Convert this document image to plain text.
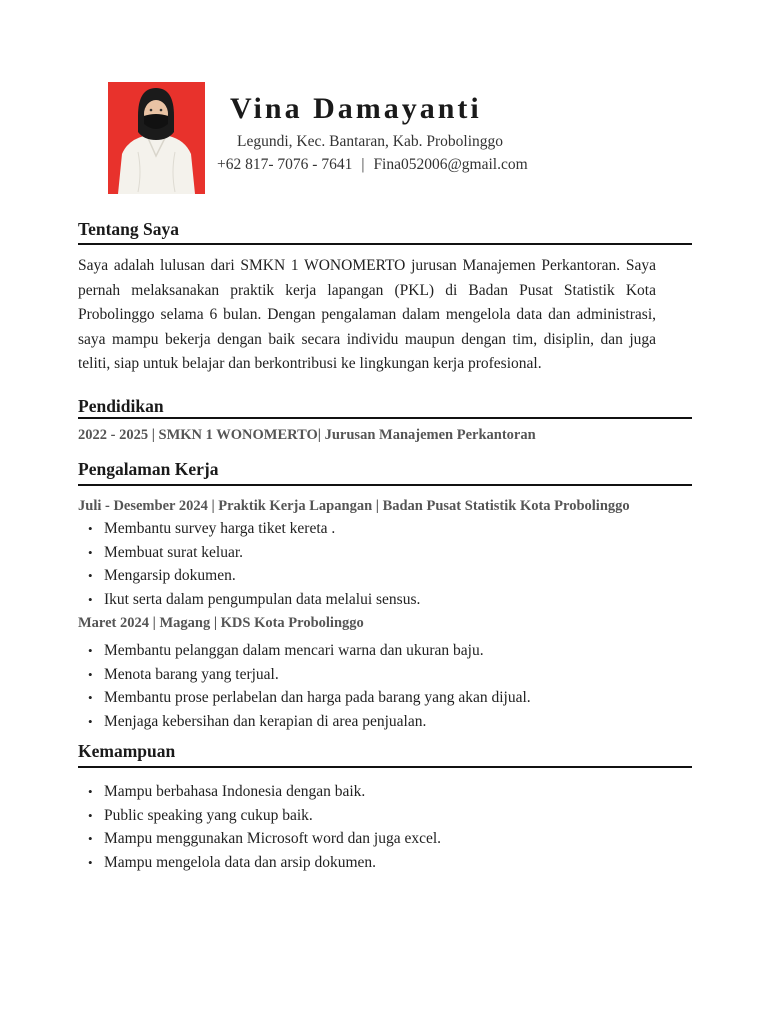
Vina Damayanti
Legundi, Kec. Bantaran, Kab. Probolinggo
+62 817- 7076 - 7641 | Fina052006@gmail.com
Tentang Saya

Saya adalah lulusan dari SMKN 1 WONOMERTO jurusan Manajemen Perkantoran. Saya pernah melaksanakan praktik kerja lapangan (PKL) di Badan Pusat Statistik Kota Probolinggo selama 6 bulan. Dengan pengalaman dalam mengelola data dan administrasi, saya mampu bekerja dengan baik secara individu maupun dengan tim, disiplin, dan juga teliti, siap untuk belajar dan berkontribusi ke lingkungan kerja profesional.

Pendidikan
2022 - 2025 | SMKN 1 WONOMERTO| Jurusan Manajemen Perkantoran
Pengalaman Kerja
Juli - Desember 2024 | Praktik Kerja Lapangan | Badan Pusat Statistik Kota Probolinggo
• Membantu survey harga tiket kereta .
• Membuat surat keluar.
• Mengarsip dokumen.
• Ikut serta dalam pengumpulan data melalui sensus.
Maret 2024 | Magang | KDS Kota Probolinggo
• Membantu pelanggan dalam mencari warna dan ukuran baju.
• Menota barang yang terjual.
• Membantu prose perlabelan dan harga pada barang yang akan dijual.
• Menjaga kebersihan dan kerapian di area penjualan.
Kemampuan
• Mampu berbahasa Indonesia dengan baik.
• Public speaking yang cukup baik.
• Mampu menggunakan Microsoft word dan juga excel.
• Mampu mengelola data dan arsip dokumen.
